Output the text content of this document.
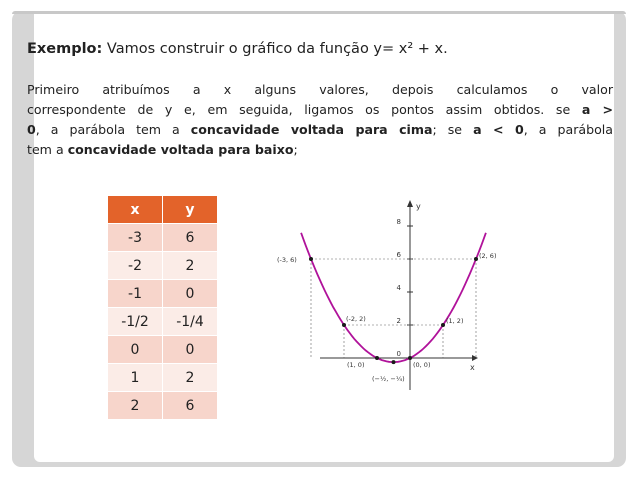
Exemplo: Vamos construir o gráfico da função y= x² + x.
Primeiro atribuímos a x alguns valores, depois calculamos o valor
correspondente de y e, em seguida, ligamos os pontos assim obtidos. se a >
0, a parábola tem a concavidade voltada para cima; se a < 0, a parábola
tem a concavidade voltada para baixo;
x	y
-3	6
-2	2
-1	0
-1/2	-1/4
0	0
1	2
2	6
x
y
8
6
4
2
0
(-3, 6)
(-2, 2)	(1, 2)
(2, 6)
(1, 0)	(0, 0)
(−½, −¼)
